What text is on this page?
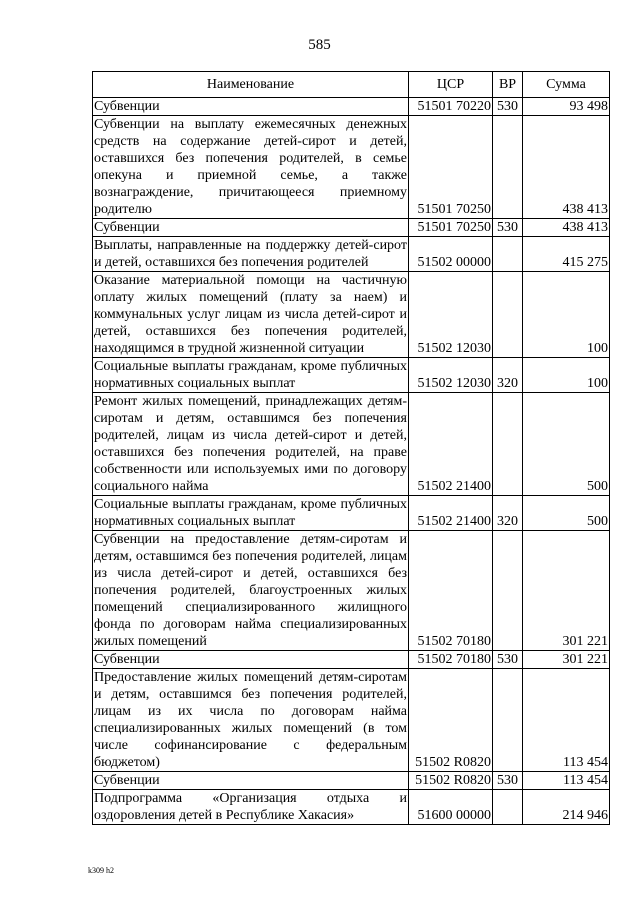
585
Наименование	ЦСР	ВР	Сумма
Субвенции	51501 70220	530	93 498
Субвенции на выплату ежемесячных денежных средств на содержание детей-сирот и детей, оставшихся без попечения родителей, в семье опекуна и приемной семье, а также вознаграждение, причитающееся приемному родителю	51501 70250		438 413
Субвенции	51501 70250	530	438 413
Выплаты, направленные на поддержку детей-сирот и детей, оставшихся без попечения родителей	51502 00000		415 275
Оказание материальной помощи на частичную оплату жилых помещений (плату за наем) и коммунальных услуг лицам из числа детей-сирот и детей, оставшихся без попечения родителей, находящимся в трудной жизненной ситуации	51502 12030		100
Социальные выплаты гражданам, кроме публичных нормативных социальных выплат	51502 12030	320	100
Ремонт жилых помещений, принадлежащих детям-сиротам и детям, оставшимся без попечения родителей, лицам из числа детей-сирот и детей, оставшихся без попечения родителей, на праве собственности или используемых ими по договору социального найма	51502 21400		500
Социальные выплаты гражданам, кроме публичных нормативных социальных выплат	51502 21400	320	500
Субвенции на предоставление детям-сиротам и детям, оставшимся без попечения родителей, лицам из числа детей-сирот и детей, оставшихся без попечения родителей, благоустроенных жилых помещений специализированного жилищного фонда по договорам найма специализированных жилых помещений	51502 70180		301 221
Субвенции	51502 70180	530	301 221
Предоставление жилых помещений детям-сиротам и детям, оставшимся без попечения родителей, лицам из их числа по договорам найма специализированных жилых помещений (в том числе софинансирование с федеральным бюджетом)	51502 R0820		113 454
Субвенции	51502 R0820	530	113 454
Подпрограмма «Организация отдыха и оздоровления детей в Республике Хакасия»	51600 00000		214 946
k309 h2
